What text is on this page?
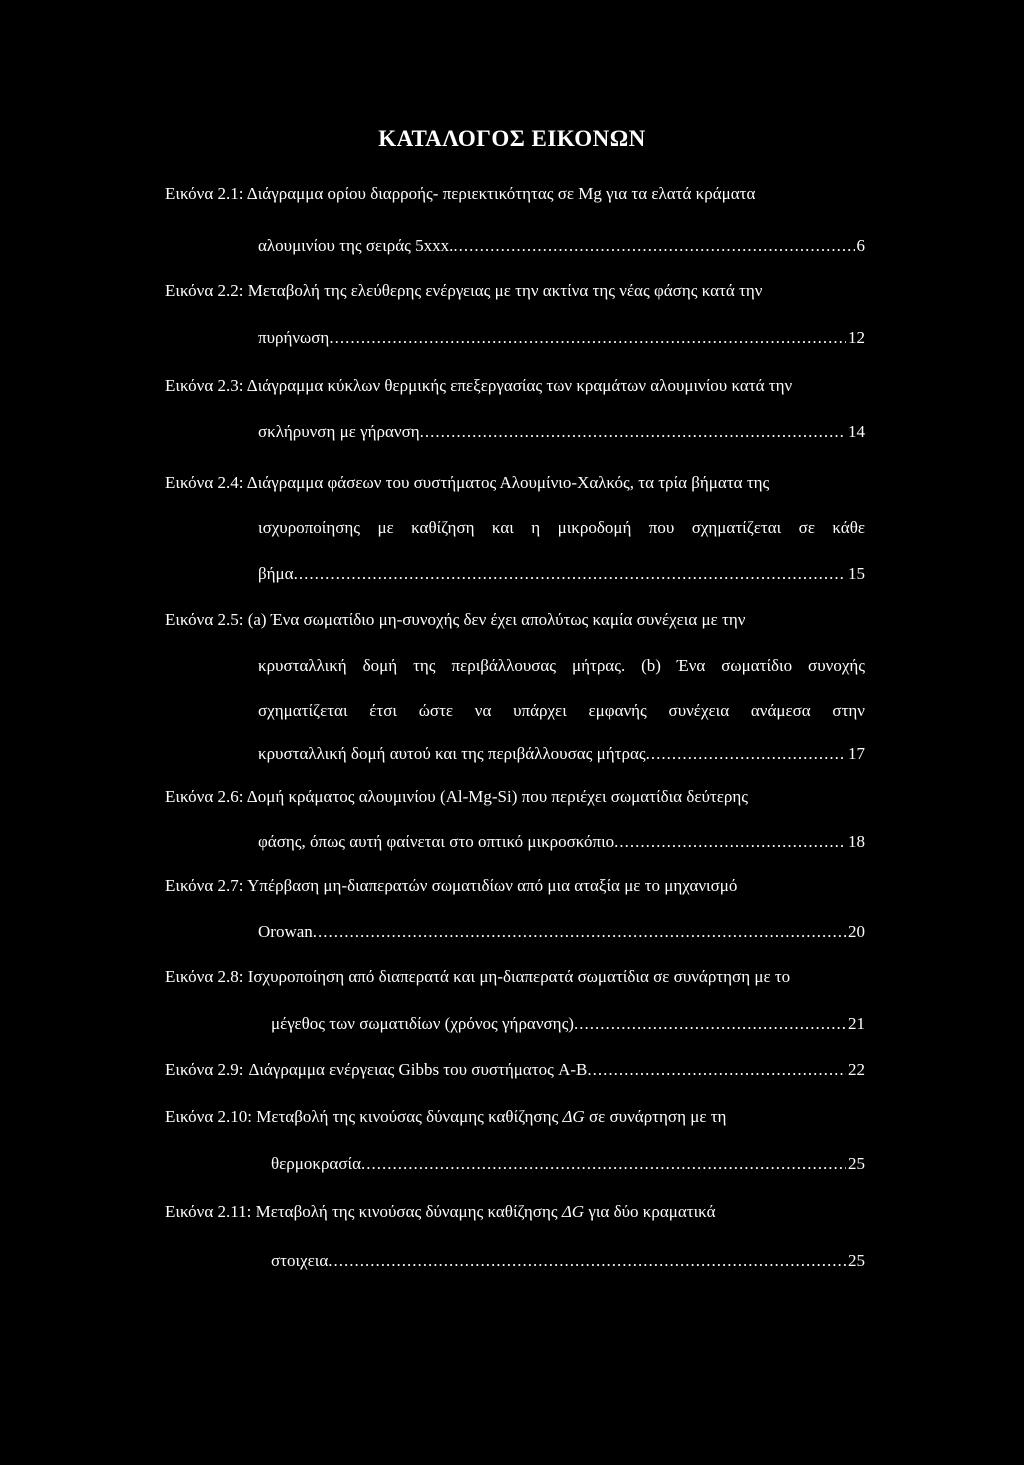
ΚΑΤΑΛΟΓΟΣ ΕΙΚΟΝΩΝ
Εικόνα 2.1: Διάγραμμα ορίου διαρροής- περιεκτικότητας σε Mg για τα ελατά κράματα
αλουμινίου της σειράς 5xxx. .....	6
Εικόνα 2.2: Μεταβολή της ελεύθερης ενέργειας με την ακτίνα της νέας φάσης κατά την
πυρήνωση .....	12
Εικόνα 2.3: Διάγραμμα κύκλων θερμικής επεξεργασίας των κραμάτων αλουμινίου κατά την
σκλήρυνση με γήρανση .....	14
Εικόνα 2.4: Διάγραμμα φάσεων του συστήματος Αλουμίνιο-Χαλκός, τα τρία βήματα της
ισχυροποίησης με καθίζηση και η μικροδομή που σχηματίζεται σε κάθε
βήμα .....	15
Εικόνα 2.5: (a) Ένα σωματίδιο μη-συνοχής δεν έχει απολύτως καμία συνέχεια με την
κρυσταλλική δομή της περιβάλλουσας μήτρας. (b) Ένα σωματίδιο συνοχής
σχηματίζεται έτσι ώστε να υπάρχει εμφανής συνέχεια ανάμεσα στην
κρυσταλλική δομή αυτού και της περιβάλλουσας μήτρας .....	17
Εικόνα 2.6: Δομή κράματος αλουμινίου (Al-Mg-Si) που περιέχει σωματίδια δεύτερης
φάσης, όπως αυτή φαίνεται στο οπτικό μικροσκόπιο .....	18
Εικόνα 2.7: Υπέρβαση μη-διαπερατών σωματιδίων από μια αταξία με το μηχανισμό
Orowan .....	20
Εικόνα 2.8: Ισχυροποίηση από διαπερατά και μη-διαπερατά σωματίδια σε συνάρτηση με το
μέγεθος των σωματιδίων (χρόνος γήρανσης) .....	21
Εικόνα 2.9: Διάγραμμα ενέργειας Gibbs του συστήματος A-B .....	22
Εικόνα 2.10: Μεταβολή της κινούσας δύναμης καθίζησης ΔG σε συνάρτηση με τη
θερμοκρασία .....	25
Εικόνα 2.11: Μεταβολή της κινούσας δύναμης καθίζησης ΔG για δύο κραματικά
στοιχεια .....	25
